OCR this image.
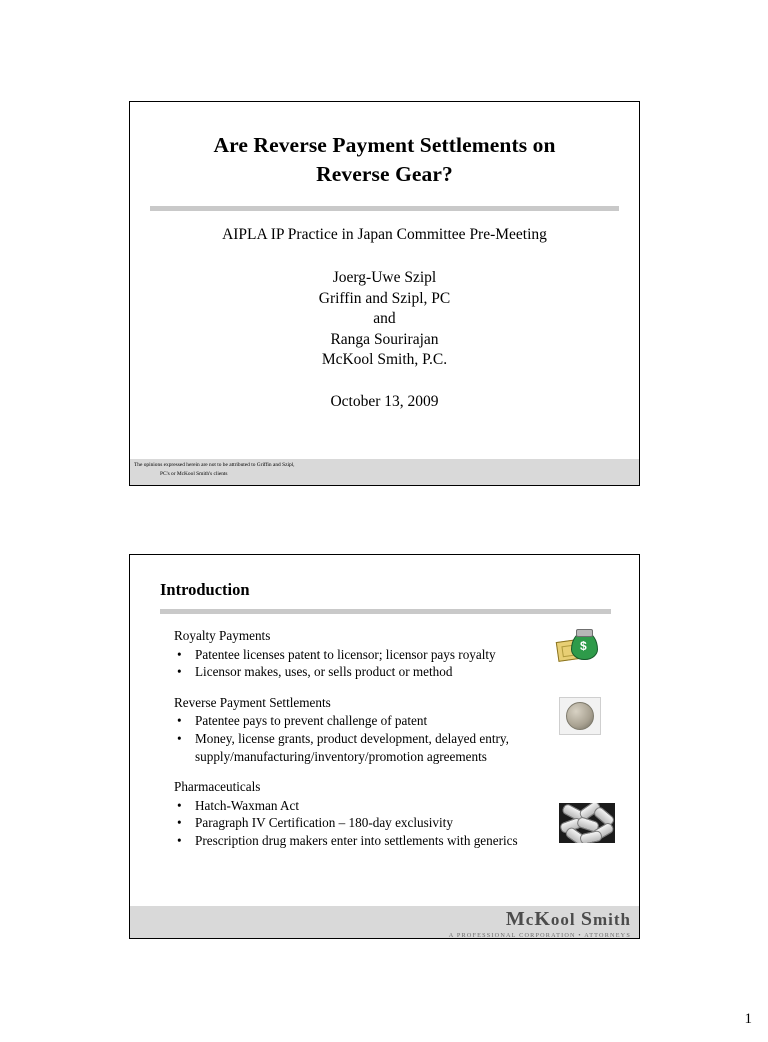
Are Reverse Payment Settlements on
Reverse Gear?
AIPLA IP Practice in Japan Committee Pre-Meeting
Joerg-Uwe Szipl
Griffin and Szipl, PC
and
Ranga Sourirajan
McKool Smith, P.C.
October 13, 2009
The opinions expressed herein are not to be attributed to Griffin and Szipl,
PC's or McKool Smith's clients
Introduction
$
Royalty Payments
•	Patentee licenses patent to licensor; licensor pays royalty
•	Licensor makes, uses, or sells product or method
Reverse Payment Settlements
•	Patentee pays to prevent challenge of patent
•	Money, license grants, product development, delayed entry, supply/manufacturing/inventory/promotion agreements
Pharmaceuticals
•	Hatch-Waxman Act
•	Paragraph IV Certification – 180-day exclusivity
•	Prescription drug makers enter into settlements with generics
McKool Smith
A PROFESSIONAL CORPORATION • ATTORNEYS
1
